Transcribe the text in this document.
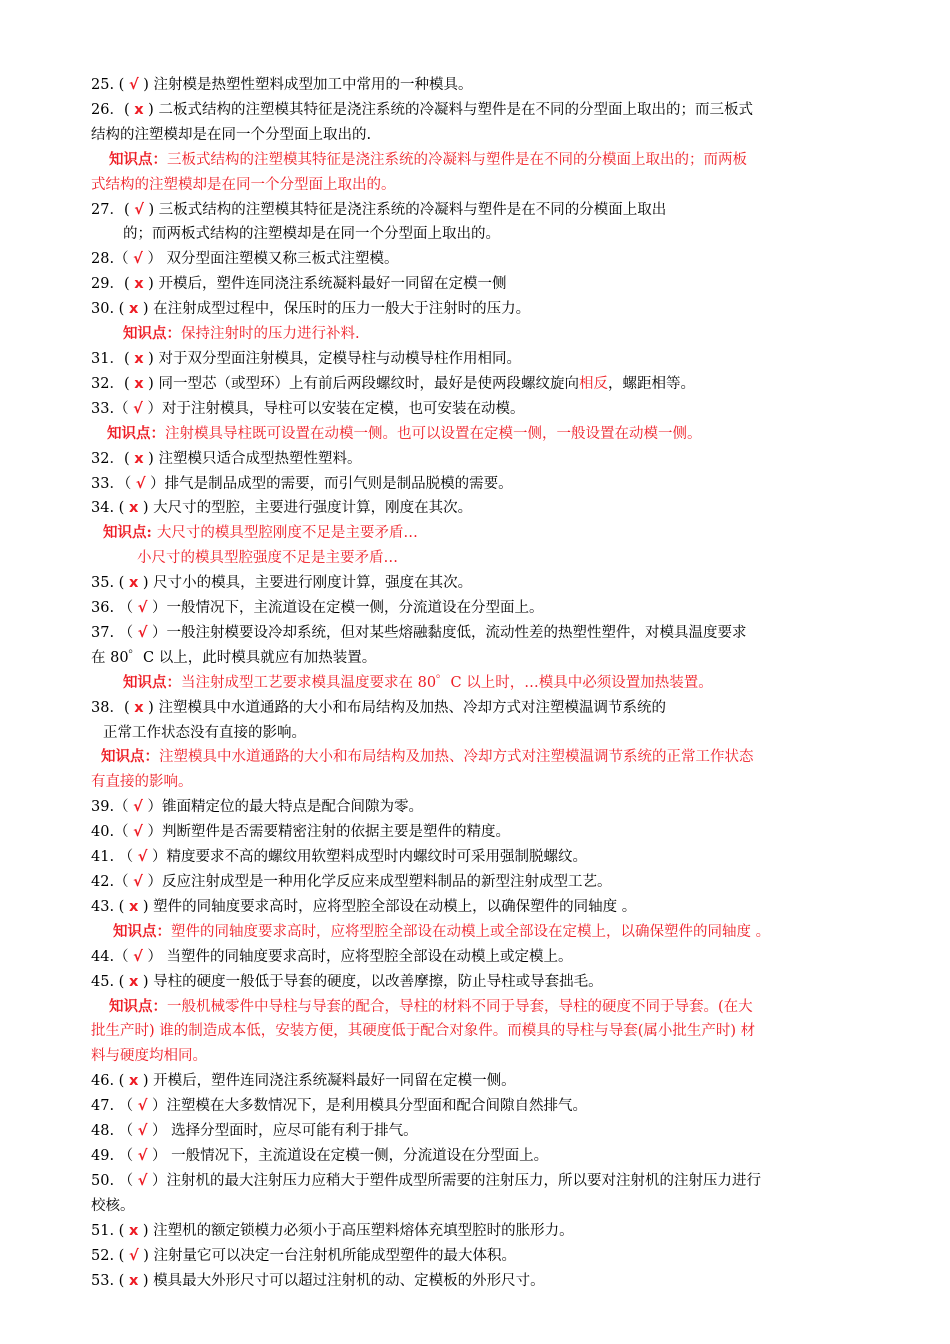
25. ( √ ) 注射模是热塑性塑料成型加工中常用的一种模具。
26．( x ) 二板式结构的注塑模其特征是浇注系统的冷凝料与塑件是在不同的分型面上取出的；而三板式
结构的注塑模却是在同一个分型面上取出的.
知识点：三板式结构的注塑模其特征是浇注系统的冷凝料与塑件是在不同的分模面上取出的；而两板
式结构的注塑模却是在同一个分型面上取出的。
27．( √ ) 三板式结构的注塑模其特征是浇注系统的冷凝料与塑件是在不同的分模面上取出
的；而两板式结构的注塑模却是在同一个分型面上取出的。
28.（ √ ） 双分型面注塑模又称三板式注塑模。
29．( x ) 开模后，塑件连同浇注系统凝料最好一同留在定模一侧
30. ( x ) 在注射成型过程中，保压时的压力一般大于注射时的压力。
知识点：保持注射时的压力进行补料.
31．( x ) 对于双分型面注射模具，定模导柱与动模导柱作用相同。
32．( x ) 同一型芯（或型环）上有前后两段螺纹时，最好是使两段螺纹旋向相反，螺距相等。
33.（ √ ）对于注射模具，导柱可以安装在定模，也可安装在动模。
知识点：注射模具导柱既可设置在动模一侧。也可以设置在定模一侧，一般设置在动模一侧。
32．( x ) 注塑模只适合成型热塑性塑料。
33．（ √ ）排气是制品成型的需要，而引气则是制品脱模的需要。
34. ( x ) 大尺寸的型腔，主要进行强度计算，刚度在其次。
知识点: 大尺寸的模具型腔刚度不足是主要矛盾…
小尺寸的模具型腔强度不足是主要矛盾…
35. ( x ) 尺寸小的模具，主要进行刚度计算，强度在其次。
36. （ √ ）一般情况下，主流道设在定模一侧，分流道设在分型面上。
37. （ √ ）一般注射模要设冷却系统，但对某些熔融黏度低，流动性差的热塑性塑件，对模具温度要求
在 80゜C 以上，此时模具就应有加热装置。
知识点：当注射成型工艺要求模具温度要求在 80゜C 以上时，…模具中必须设置加热装置。
38．( x ) 注塑模具中水道通路的大小和布局结构及加热、冷却方式对注塑模温调节系统的
正常工作状态没有直接的影响。
知识点：注塑模具中水道通路的大小和布局结构及加热、冷却方式对注塑模温调节系统的正常工作状态
有直接的影响。
39.（ √ ）锥面精定位的最大特点是配合间隙为零。
40.（ √ ）判断塑件是否需要精密注射的依据主要是塑件的精度。
41. （ √ ）精度要求不高的螺纹用软塑料成型时内螺纹时可采用强制脱螺纹。
42.（ √ ）反应注射成型是一种用化学反应来成型塑料制品的新型注射成型工艺。
43. ( x ) 塑件的同轴度要求高时，应将型腔全部设在动模上，以确保塑件的同轴度 。
知识点：塑件的同轴度要求高时，应将型腔全部设在动模上或全部设在定模上，以确保塑件的同轴度 。
44.（ √ ） 当塑件的同轴度要求高时，应将型腔全部设在动模上或定模上。
45. ( x ) 导柱的硬度一般低于导套的硬度，以改善摩擦，防止导柱或导套拙毛。
知识点：一般机械零件中导柱与导套的配合，导柱的材料不同于导套，导柱的硬度不同于导套。(在大
批生产时) 谁的制造成本低，安装方便，其硬度低于配合对象件。而模具的导柱与导套(属小批生产时) 材
料与硬度均相同。
46. ( x ) 开模后，塑件连同浇注系统凝料最好一同留在定模一侧。
47. （ √ ）注塑模在大多数情况下，是利用模具分型面和配合间隙自然排气。
48. （ √ ） 选择分型面时，应尽可能有利于排气。
49. （ √ ） 一般情况下，主流道设在定模一侧，分流道设在分型面上。
50. （ √ ）注射机的最大注射压力应稍大于塑件成型所需要的注射压力，所以要对注射机的注射压力进行
校核。
51. ( x ) 注塑机的额定锁模力必须小于高压塑料熔体充填型腔时的胀形力。
52. ( √ ) 注射量它可以决定一台注射机所能成型塑件的最大体积。
53. ( x ) 模具最大外形尺寸可以超过注射机的动、定模板的外形尺寸。
